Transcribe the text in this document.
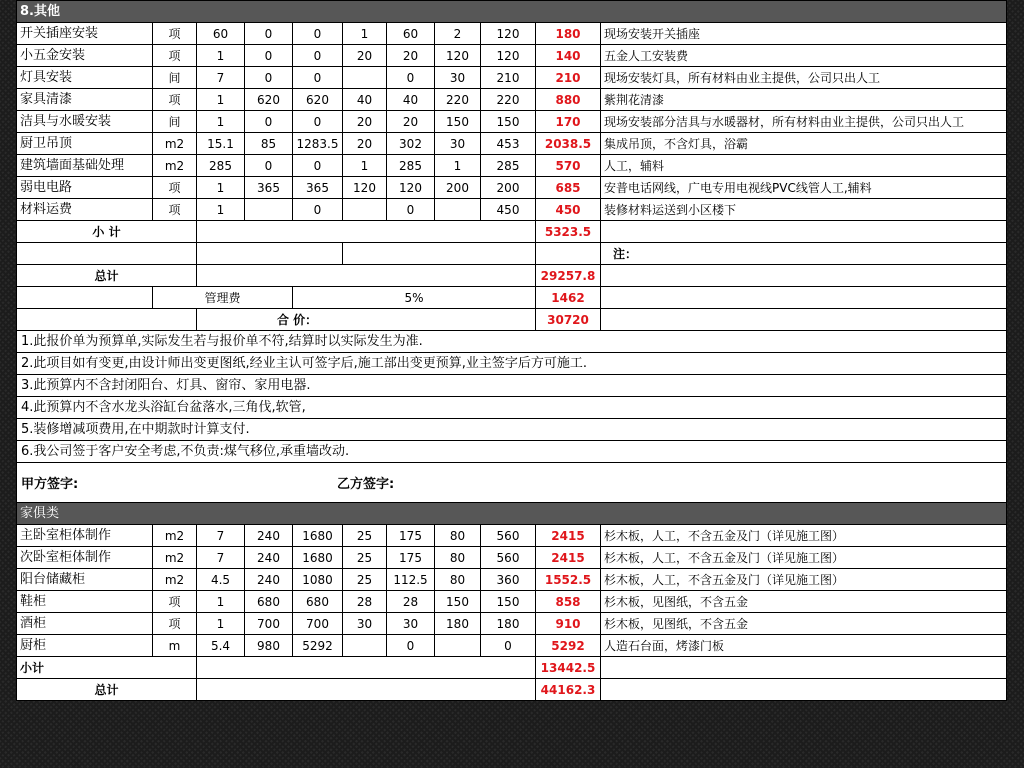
8.其他										
开关插座安装	项	60	0	0	1	60	2	120	180	现场安装开关插座
小五金安装	项	1	0	0	20	20	120	120	140	五金人工安装费
灯具安装	间	7	0	0		0	30	210	210	现场安装灯具，所有材料由业主提供，公司只出人工
家具清漆	项	1	620	620	40	40	220	220	880	紫荆花清漆
洁具与水暖安装	间	1	0	0	20	20	150	150	170	现场安装部分洁具与水暖器材，所有材料由业主提供，公司只出人工
厨卫吊顶	m2	15.1	85	1283.5	20	302	30	453	2038.5	集成吊顶，不含灯具，浴霸
建筑墙面基础处理	m2	285	0	0	1	285	1	285	570	人工，辅料
弱电电路	项	1	365	365	120	120	200	200	685	安普电话网线，广电专用电视线PVC线管人工,辅料
材料运费	项	1		0		0		450	450	装修材料运送到小区楼下
小 计									5323.5	
										注：
总计									29257.8	
	管理费			5%					1462	
		合 价：							30720	
1.此报价单为预算单,实际发生若与报价单不符,结算时以实际发生为准.										
2.此项目如有变更,由设计师出变更图纸,经业主认可签字后,施工部出变更预算,业主签字后方可施工.										
3.此预算内不含封闭阳台、灯具、窗帘、家用电器.										
4.此预算内不含水龙头浴缸台盆落水,三角伐,软管,										
5.装修增减项费用,在中期款时计算支付.										
6.我公司签于客户安全考虑,不负责:煤气移位,承重墙改动.										

甲方签字: 乙方签字:										

家俱类										
主卧室柜体制作	m2	7	240	1680	25	175	80	560	2415	杉木板，人工，不含五金及门（详见施工图）
次卧室柜体制作	m2	7	240	1680	25	175	80	560	2415	杉木板，人工，不含五金及门（详见施工图）
阳台储藏柜	m2	4.5	240	1080	25	112.5	80	360	1552.5	杉木板，人工，不含五金及门（详见施工图）
鞋柜	项	1	680	680	28	28	150	150	858	杉木板，见图纸，不含五金
酒柜	项	1	700	700	30	30	180	180	910	杉木板，见图纸，不含五金
厨柜	m	5.4	980	5292		0		0	5292	人造石台面，烤漆门板
小计									13442.5	
总计									44162.3	
